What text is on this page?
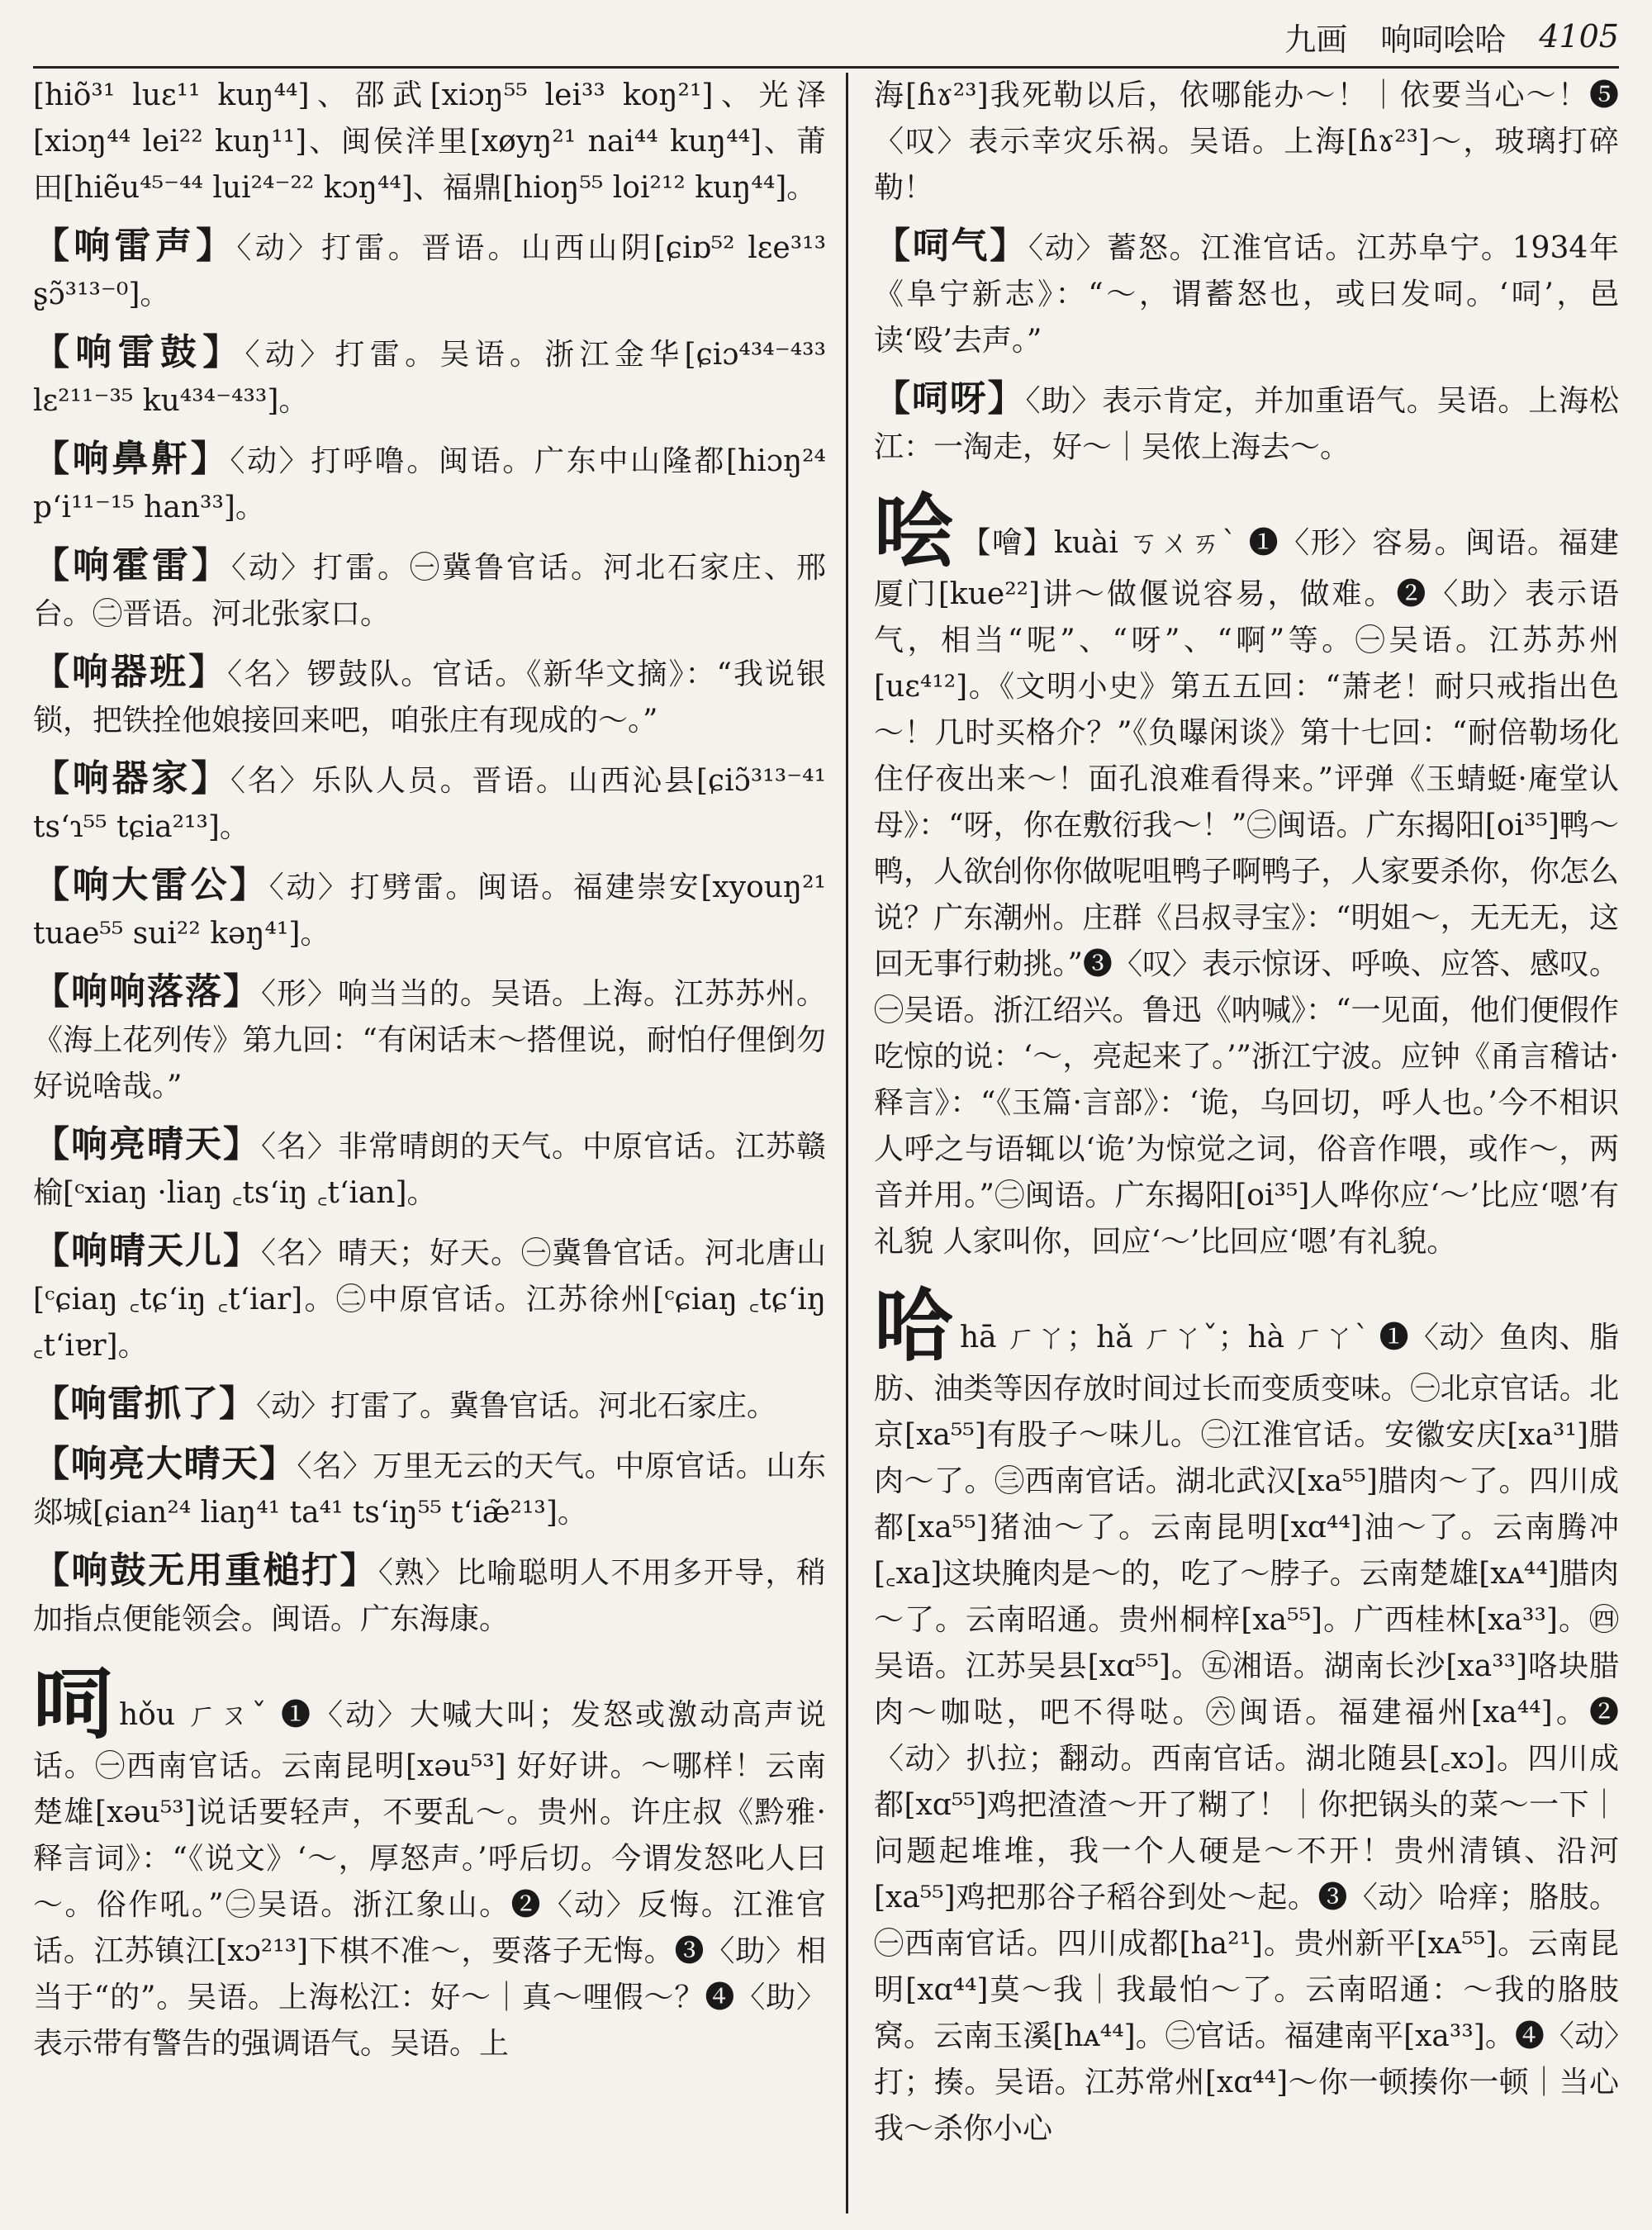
九画 响呞哙哈 4105

[hiõ³¹ luɛ¹¹ kuŋ⁴⁴]、邵武[xiɔŋ⁵⁵ lei³³ koŋ²¹]、光泽[xiɔŋ⁴⁴ lei²² kuŋ¹¹]、闽侯洋里[xøyŋ²¹ nai⁴⁴ kuŋ⁴⁴]、莆田[hiẽu⁴⁵⁻⁴⁴ lui²⁴⁻²² kɔŋ⁴⁴]、福鼎[hioŋ⁵⁵ loi²¹² kuŋ⁴⁴]。

【响雷声】〈动〉打雷。晋语。山西山阴[ɕiɒ⁵² lɛe³¹³ ʂɔ̃³¹³⁻⁰]。

【响雷鼓】〈动〉打雷。吴语。浙江金华[ɕiɔ⁴³⁴⁻⁴³³ lɛ²¹¹⁻³⁵ ku⁴³⁴⁻⁴³³]。

【响鼻鼾】〈动〉打呼噜。闽语。广东中山隆都[hiɔŋ²⁴ pʻi¹¹⁻¹⁵ han³³]。

【响霍雷】〈动〉打雷。㊀冀鲁官话。河北石家庄、邢台。㊁晋语。河北张家口。

【响器班】〈名〉锣鼓队。官话。《新华文摘》：“我说银锁，把铁拴他娘接回来吧，咱张庄有现成的～。”

【响器家】〈名〉乐队人员。晋语。山西沁县[ɕiɔ̃³¹³⁻⁴¹ tsʻɿ⁵⁵ tɕia²¹³]。

【响大雷公】〈动〉打劈雷。闽语。福建崇安[xyouŋ²¹ tuae⁵⁵ sui²² kəŋ⁴¹]。

【响响落落】〈形〉响当当的。吴语。上海。江苏苏州。《海上花列传》第九回：“有闲话末～搭俚说，耐怕仔俚倒勿好说啥哉。”

【响亮晴天】〈名〉非常晴朗的天气。中原官话。江苏赣榆[ᶜxiaŋ ·liaŋ ꜀tsʻiŋ ꜀tʻian]。

【响晴天儿】〈名〉晴天；好天。㊀冀鲁官话。河北唐山[ᶜɕiaŋ ꜀tɕʻiŋ ꜀tʻiar]。㊁中原官话。江苏徐州[ᶜɕiaŋ ꜀tɕʻiŋ ꜀tʻiɐr]。

【响雷抓了】〈动〉打雷了。冀鲁官话。河北石家庄。

【响亮大晴天】〈名〉万里无云的天气。中原官话。山东郯城[ɕian²⁴ liaŋ⁴¹ ta⁴¹ tsʻiŋ⁵⁵ tʻiæ̃²¹³]。

【响鼓无用重槌打】〈熟〉比喻聪明人不用多开导，稍加指点便能领会。闽语。广东海康。

呞hǒu ㄏㄡˇ ❶〈动〉大喊大叫；发怒或激动高声说话。㊀西南官话。云南昆明[xəu⁵³] 好好讲。～哪样！云南楚雄[xəu⁵³]说话要轻声，不要乱～。贵州。许庄叔《黔雅·释言词》：“《说文》‘～，厚怒声。’呼后切。今谓发怒叱人曰～。俗作吼。”㊁吴语。浙江象山。❷〈动〉反悔。江淮官话。江苏镇江[xɔ²¹³]下棋不准～，要落子无悔。❸〈助〉相当于“的”。吴语。上海松江：好～｜真～哩假～？❹〈助〉表示带有警告的强调语气。吴语。上

海[ɦɤ²³]我死勒以后，依哪能办～！｜依要当心～！❺〈叹〉表示幸灾乐祸。吴语。上海[ɦɤ²³]～，玻璃打碎勒！

【呞气】〈动〉蓄怒。江淮官话。江苏阜宁。1934年《阜宁新志》：“～，谓蓄怒也，或曰发呞。‘呞’，邑读‘殴’去声。”

【呞呀】〈助〉表示肯定，并加重语气。吴语。上海松江：一淘走，好～｜吴侬上海去～。

哙 【噲】kuài ㄎㄨㄞˋ ❶〈形〉容易。闽语。福建厦门[kue²²]讲～做偃说容易，做难。❷〈助〉表示语气，相当“呢”、“呀”、“啊”等。㊀吴语。江苏苏州[uɛ⁴¹²]。《文明小史》第五五回：“萧老！耐只戒指出色～！几时买格介？”《负曝闲谈》第十七回：“耐倍勒场化住仔夜出来～！面孔浪难看得来。”评弹《玉蜻蜓·庵堂认母》：“呀，你在敷衍我～！”㊁闽语。广东揭阳[oi³⁵]鸭～鸭，人欲刣你你做呢咀鸭子啊鸭子，人家要杀你，你怎么说？广东潮州。庄群《吕叔寻宝》：“明姐～，无无无，这回无事行勅挑。”❸〈叹〉表示惊讶、呼唤、应答、感叹。㊀吴语。浙江绍兴。鲁迅《呐喊》：“一见面，他们便假作吃惊的说：‘～，亮起来了。’”浙江宁波。应钟《甬言稽诂·释言》：“《玉篇·言部》：‘诡，乌回切，呼人也。’今不相识人呼之与语辄以‘诡’为惊觉之词，俗音作喂，或作～，两音并用。”㊁闽语。广东揭阳[oi³⁵]人哗你应‘～’比应‘嗯’有礼貌 人家叫你，回应‘～’比回应‘嗯’有礼貌。

哈hā ㄏㄚ；hǎ ㄏㄚˇ；hà ㄏㄚˋ ❶〈动〉鱼肉、脂肪、油类等因存放时间过长而变质变味。㊀北京官话。北京[xa⁵⁵]有股子～味儿。㊁江淮官话。安徽安庆[xa³¹]腊肉～了。㊂西南官话。湖北武汉[xa⁵⁵]腊肉～了。四川成都[xa⁵⁵]猪油～了。云南昆明[xɑ⁴⁴]油～了。云南腾冲[꜀xa]这块腌肉是～的，吃了～脖子。云南楚雄[xᴀ⁴⁴]腊肉～了。云南昭通。贵州桐梓[xa⁵⁵]。广西桂林[xa³³]。㊃吴语。江苏吴县[xɑ⁵⁵]。㊄湘语。湖南长沙[xa³³]咯块腊肉～咖哒，吧不得哒。㊅闽语。福建福州[xa⁴⁴]。❷〈动〉扒拉；翻动。西南官话。湖北随县[꜀xɔ]。四川成都[xɑ⁵⁵]鸡把渣渣～开了糊了！｜你把锅头的菜～一下｜问题起堆堆，我一个人硬是～不开！贵州清镇、沿河[xa⁵⁵]鸡把那谷子稻谷到处～起。❸〈动〉哈痒；胳肢。㊀西南官话。四川成都[ha²¹]。贵州新平[xᴀ⁵⁵]。云南昆明[xɑ⁴⁴]莫～我｜我最怕～了。云南昭通：～我的胳肢窝。云南玉溪[hᴀ⁴⁴]。㊁官话。福建南平[xa³³]。❹〈动〉打；揍。吴语。江苏常州[xɑ⁴⁴]～你一顿揍你一顿｜当心我～杀你小心
